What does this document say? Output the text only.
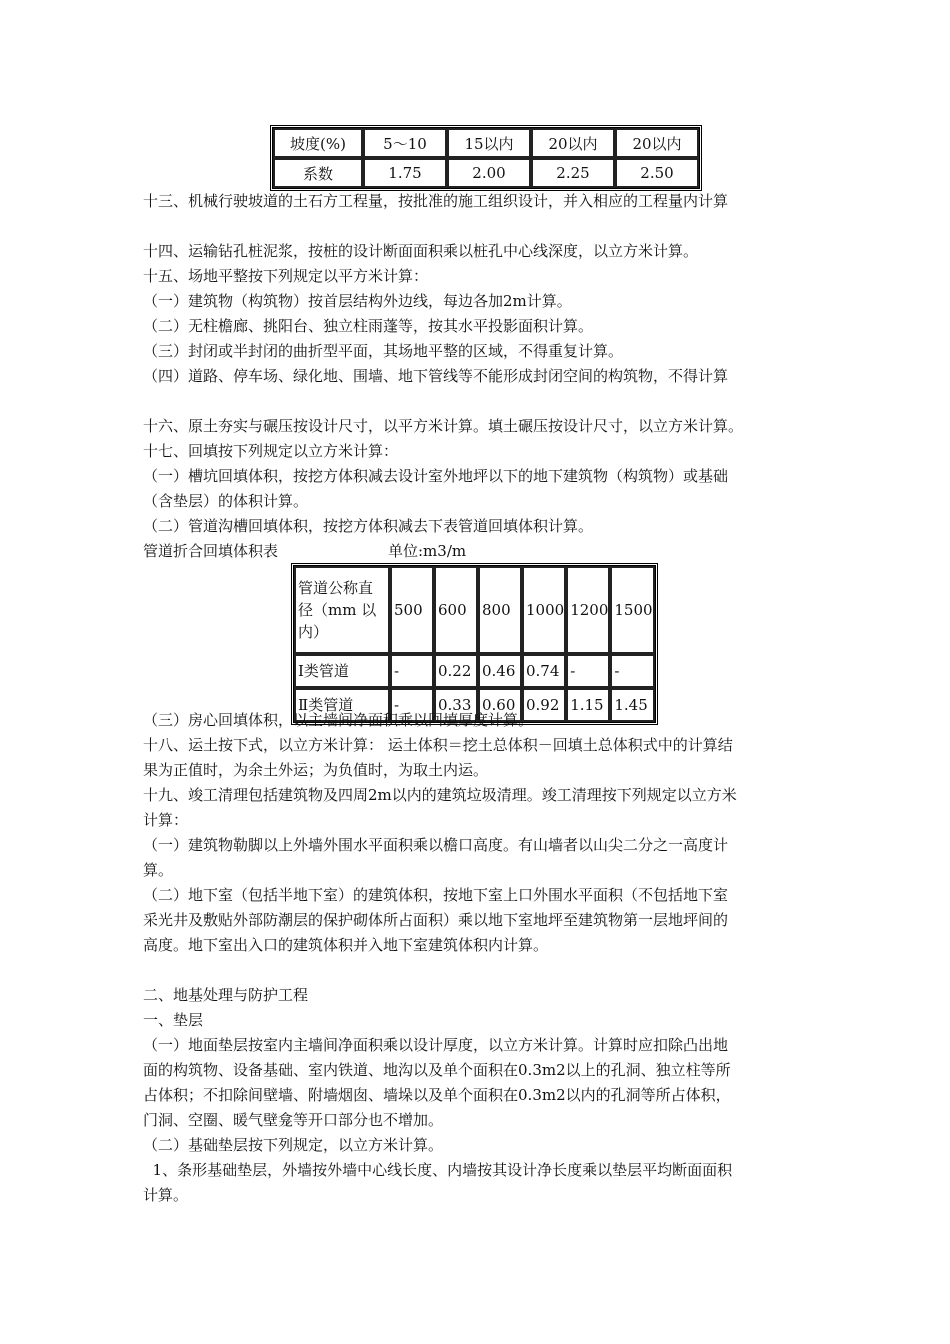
坡度(%)	5～10	15以内	20以内	20以内
系数	1.75	2.00	2.25	2.50
十三、机械行驶坡道的土石方工程量，按批准的施工组织设计，并入相应的工程量内计算
十四、运输钻孔桩泥浆，按桩的设计断面面积乘以桩孔中心线深度，以立方米计算。
十五、场地平整按下列规定以平方米计算：
（一）建筑物（构筑物）按首层结构外边线，每边各加2m计算。
（二）无柱檐廊、挑阳台、独立柱雨蓬等，按其水平投影面积计算。
（三）封闭或半封闭的曲折型平面，其场地平整的区域，不得重复计算。
（四）道路、停车场、绿化地、围墙、地下管线等不能形成封闭空间的构筑物，不得计算
十六、原土夯实与碾压按设计尺寸，以平方米计算。填土碾压按设计尺寸，以立方米计算。
十七、回填按下列规定以立方米计算：
（一）槽坑回填体积，按挖方体积减去设计室外地坪以下的地下建筑物（构筑物）或基础
（含垫层）的体积计算。
（二）管道沟槽回填体积，按挖方体积减去下表管道回填体积计算。
管道折合回填体积表	单位:m3/m
管道公称直径（mm 以内）	500	600	800	1000	1200	1500
Ⅰ类管道	-	0.22	0.46	0.74	-	-
Ⅱ类管道	-	0.33	0.60	0.92	1.15	1.45
（三）房心回填体积，以主墙间净面积乘以回填厚度计算。
十八、运土按下式，以立方米计算： 运土体积＝挖土总体积－回填土总体积式中的计算结
果为正值时，为余土外运；为负值时，为取土内运。
十九、竣工清理包括建筑物及四周2m以内的建筑垃圾清理。竣工清理按下列规定以立方米
计算：
（一）建筑物勒脚以上外墙外围水平面积乘以檐口高度。有山墙者以山尖二分之一高度计
算。
（二）地下室（包括半地下室）的建筑体积，按地下室上口外围水平面积（不包括地下室
采光井及敷贴外部防潮层的保护砌体所占面积）乘以地下室地坪至建筑物第一层地坪间的
高度。地下室出入口的建筑体积并入地下室建筑体积内计算。
二、地基处理与防护工程
一、垫层
（一）地面垫层按室内主墙间净面积乘以设计厚度，以立方米计算。计算时应扣除凸出地
面的构筑物、设备基础、室内铁道、地沟以及单个面积在0.3m2以上的孔洞、独立柱等所
占体积；不扣除间壁墙、附墙烟囱、墙垛以及单个面积在0.3m2以内的孔洞等所占体积，
门洞、空圈、暖气壁龛等开口部分也不增加。
（二）基础垫层按下列规定，以立方米计算。
1、条形基础垫层，外墙按外墙中心线长度、内墙按其设计净长度乘以垫层平均断面面积
计算。
